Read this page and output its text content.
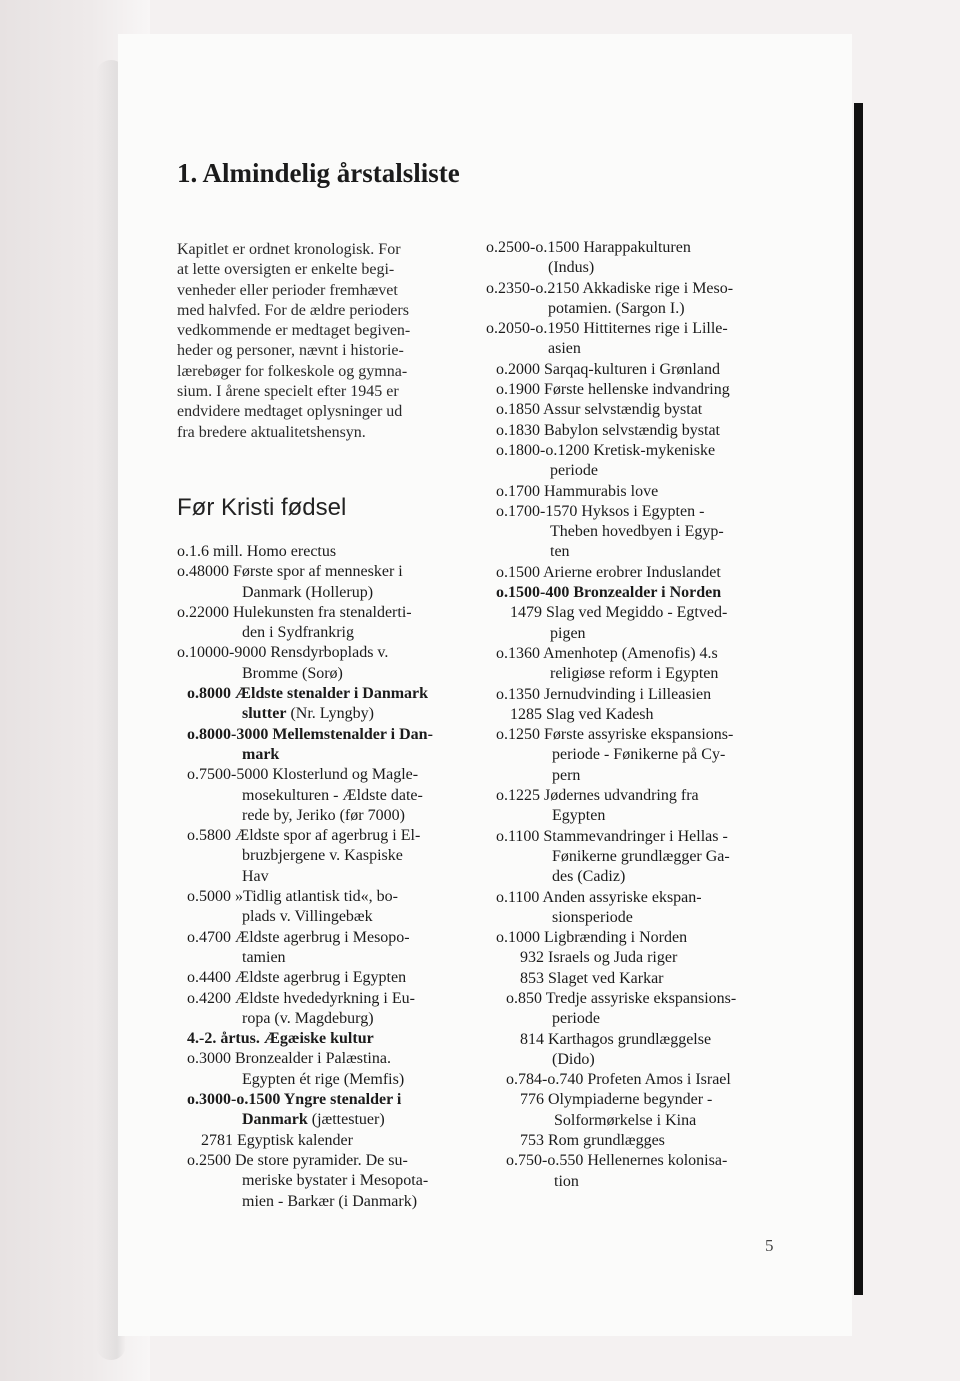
1. Almindelig årstalsliste
Kapitlet er ordnet kronologisk. For
at lette oversigten er enkelte begi-
venheder eller perioder fremhævet
med halvfed. For de ældre perioders
vedkommende er medtaget begiven-
heder og personer, nævnt i historie-
lærebøger for folkeskole og gymna-
sium. I årene specielt efter 1945 er
endvidere medtaget oplysninger ud
fra bredere aktualitetshensyn.
Før Kristi fødsel
o.1.6 mill. Homo erectus
o.48000 Første spor af mennesker i
Danmark (Hollerup)
o.22000 Hulekunsten fra stenalderti-
den i Sydfrankrig
o.10000-9000 Rensdyrboplads v.
Bromme (Sorø)
o.8000 Ældste stenalder i Danmark
slutter (Nr. Lyngby)
o.8000-3000 Mellemstenalder i Dan-
mark
o.7500-5000 Klosterlund og Magle-
mosekulturen - Ældste date-
rede by, Jeriko (før 7000)
o.5800 Ældste spor af agerbrug i El-
bruzbjergene v. Kaspiske
Hav
o.5000 »Tidlig atlantisk tid«, bo-
plads v. Villingebæk
o.4700 Ældste agerbrug i Mesopo-
tamien
o.4400 Ældste agerbrug i Egypten
o.4200 Ældste hvededyrkning i Eu-
ropa (v. Magdeburg)
4.-2. årtus. Ægæiske kultur
o.3000 Bronzealder i Palæstina.
Egypten ét rige (Memfis)
o.3000-o.1500 Yngre stenalder i
Danmark (jættestuer)
2781 Egyptisk kalender
o.2500 De store pyramider. De su-
meriske bystater i Mesopota-
mien - Barkær (i Danmark)
o.2500-o.1500 Harappakulturen
(Indus)
o.2350-o.2150 Akkadiske rige i Meso-
potamien. (Sargon I.)
o.2050-o.1950 Hittiternes rige i Lille-
asien
o.2000 Sarqaq-kulturen i Grønland
o.1900 Første hellenske indvandring
o.1850 Assur selvstændig bystat
o.1830 Babylon selvstændig bystat
o.1800-o.1200 Kretisk-mykeniske
periode
o.1700 Hammurabis love
o.1700-1570 Hyksos i Egypten -
Theben hovedbyen i Egyp-
ten
o.1500 Arierne erobrer Induslandet
o.1500-400 Bronzealder i Norden
1479 Slag ved Megiddo - Egtved-
pigen
o.1360 Amenhotep (Amenofis) 4.s
religiøse reform i Egypten
o.1350 Jernudvinding i Lilleasien
1285 Slag ved Kadesh
o.1250 Første assyriske ekspansions-
periode - Fønikerne på Cy-
pern
o.1225 Jødernes udvandring fra
Egypten
o.1100 Stammevandringer i Hellas -
Fønikerne grundlægger Ga-
des (Cadiz)
o.1100 Anden assyriske ekspan-
sionsperiode
o.1000 Ligbrænding i Norden
932 Israels og Juda riger
853 Slaget ved Karkar
o.850 Tredje assyriske ekspansions-
periode
814 Karthagos grundlæggelse
(Dido)
o.784-o.740 Profeten Amos i Israel
776 Olympiaderne begynder -
Solformørkelse i Kina
753 Rom grundlægges
o.750-o.550 Hellenernes kolonisa-
tion
5
